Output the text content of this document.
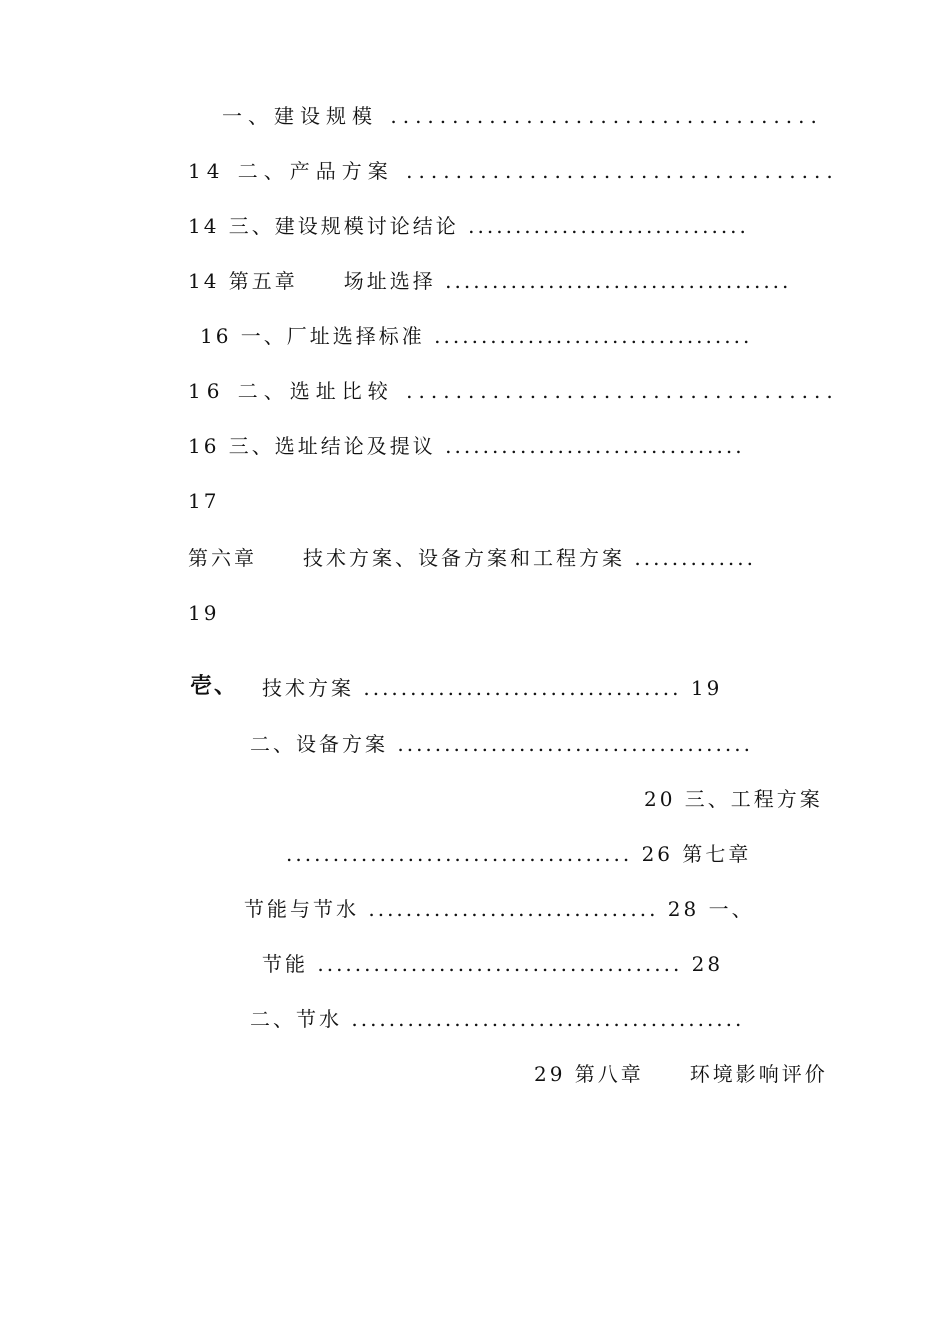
一、建设规模 ...................................
14 二、产品方案 ...................................
14 三、建设规模讨论结论 ..............................
14 第五章　　场址选择 .....................................
16 一、厂址选择标准 ..................................
16 二、选址比较 ...................................
16 三、选址结论及提议 ................................
17
第六章　　技术方案、设备方案和工程方案 .............
19
壱、 技术方案 .................................. 19
二、设备方案 ......................................
20 三、工程方案
..................................... 26 第七章
节能与节水 ............................... 28 一、
节能 ....................................... 28
二、节水 ..........................................
29 第八章　　环境影响评价
